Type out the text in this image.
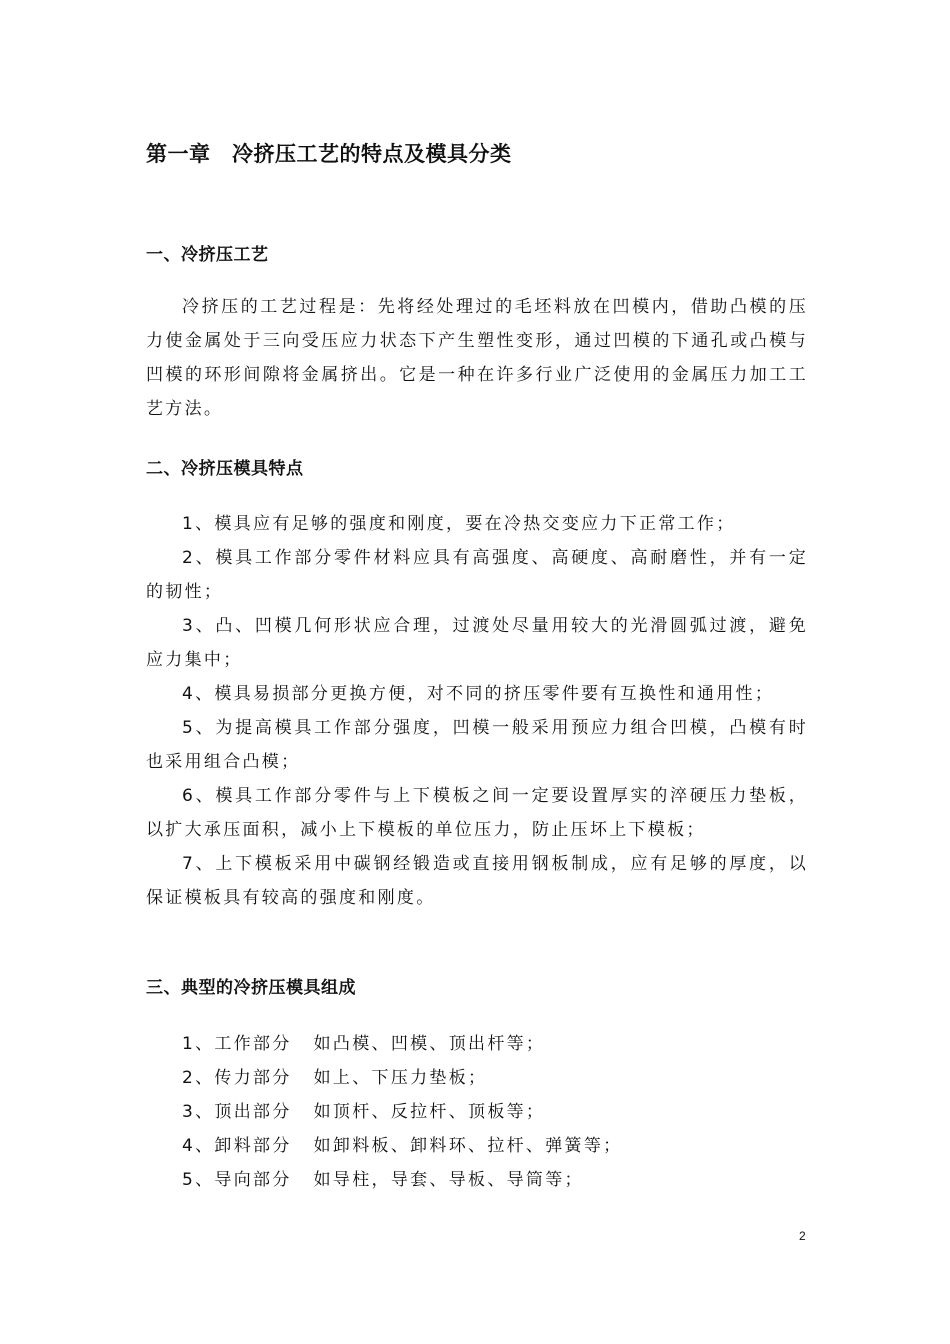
第一章　冷挤压工艺的特点及模具分类
一、冷挤压工艺

冷挤压的工艺过程是：先将经处理过的毛坯料放在凹模内，借助凸模的压力使金属处于三向受压应力状态下产生塑性变形，通过凹模的下通孔或凸模与凹模的环形间隙将金属挤出。它是一种在许多行业广泛使用的金属压力加工工艺方法。

二、冷挤压模具特点

1、模具应有足够的强度和刚度，要在冷热交变应力下正常工作；

2、模具工作部分零件材料应具有高强度、高硬度、高耐磨性，并有一定的韧性；

3、凸、凹模几何形状应合理，过渡处尽量用较大的光滑圆弧过渡，避免应力集中；

4、模具易损部分更换方便，对不同的挤压零件要有互换性和通用性；

5、为提高模具工作部分强度，凹模一般采用预应力组合凹模，凸模有时也采用组合凸模；

6、模具工作部分零件与上下模板之间一定要设置厚实的淬硬压力垫板，以扩大承压面积，减小上下模板的单位压力，防止压坏上下模板；

7、上下模板采用中碳钢经锻造或直接用钢板制成，应有足够的厚度，以保证模板具有较高的强度和刚度。

三、典型的冷挤压模具组成
1、工作部分 如凸模、凹模、顶出杆等；
2、传力部分 如上、下压力垫板；
3、顶出部分 如顶杆、反拉杆、顶板等；
4、卸料部分 如卸料板、卸料环、拉杆、弹簧等；
5、导向部分 如导柱，导套、导板、导筒等；
2
